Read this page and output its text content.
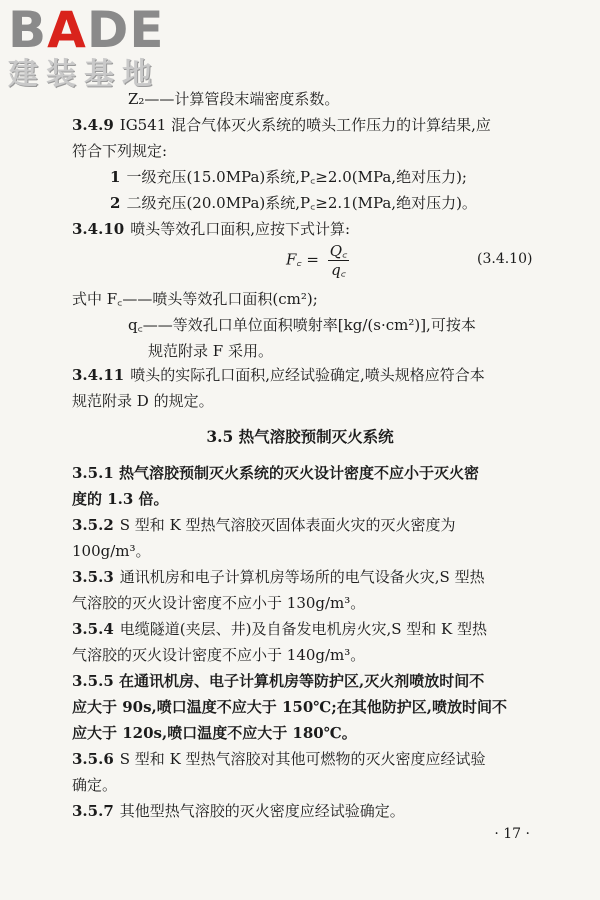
BADE
建装基地
Z₂——计算管段末端密度系数。
3.4.9 IG541 混合气体灭火系统的喷头工作压力的计算结果,应
符合下列规定:
1 一级充压(15.0MPa)系统,P꜀≥2.0(MPa,绝对压力);
2 二级充压(20.0MPa)系统,P꜀≥2.1(MPa,绝对压力)。
3.4.10 喷头等效孔口面积,应按下式计算:
F꜀ = $\frac{Q꜀}{q꜀}$	(3.4.10)
式中 F꜀——喷头等效孔口面积(cm²);
q꜀——等效孔口单位面积喷射率[kg/(s·cm²)],可按本
规范附录 F 采用。
3.4.11 喷头的实际孔口面积,应经试验确定,喷头规格应符合本
规范附录 D 的规定。
3.5 热气溶胶预制灭火系统
3.5.1 热气溶胶预制灭火系统的灭火设计密度不应小于灭火密
度的 1.3 倍。
3.5.2 S 型和 K 型热气溶胶灭固体表面火灾的灭火密度为
100g/m³。
3.5.3 通讯机房和电子计算机房等场所的电气设备火灾,S 型热
气溶胶的灭火设计密度不应小于 130g/m³。
3.5.4 电缆隧道(夹层、井)及自备发电机房火灾,S 型和 K 型热
气溶胶的灭火设计密度不应小于 140g/m³。
3.5.5 在通讯机房、电子计算机房等防护区,灭火剂喷放时间不
应大于 90s,喷口温度不应大于 150℃;在其他防护区,喷放时间不
应大于 120s,喷口温度不应大于 180℃。
3.5.6 S 型和 K 型热气溶胶对其他可燃物的灭火密度应经试验
确定。
3.5.7 其他型热气溶胶的灭火密度应经试验确定。
· 17 ·
